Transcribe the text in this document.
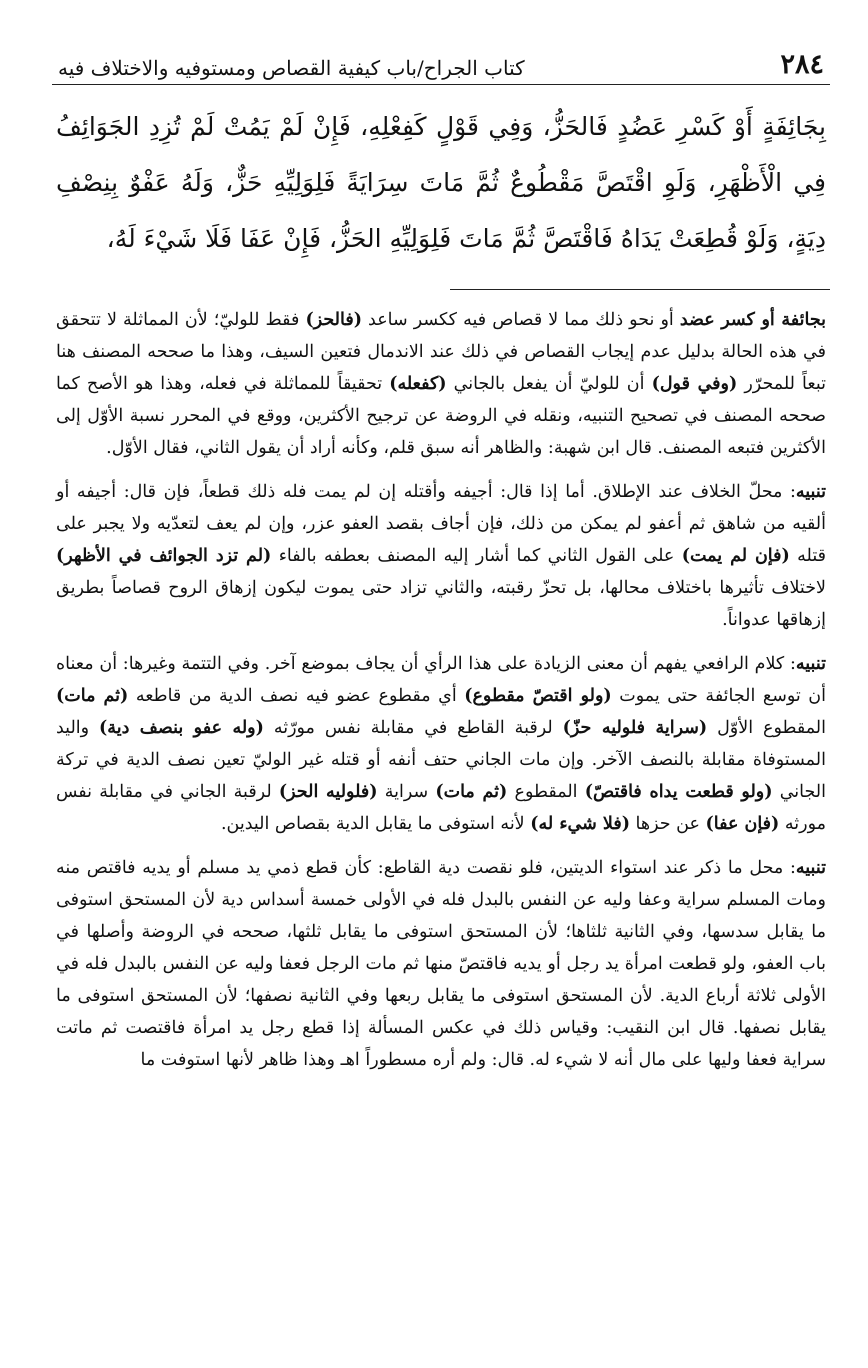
٢٨٤
كتاب الجراح/باب كيفية القصاص ومستوفيه والاختلاف فيه
بِجَائِفَةٍ أَوْ كَسْرِ عَضُدٍ فَالحَزُّ، وَفِي قَوْلٍ كَفِعْلِهِ، فَإِنْ لَمْ يَمُتْ لَمْ تُزِدِ الجَوَائِفُ فِي الْأَظْهَرِ، وَلَوِ اقْتَصَّ مَقْطُوعٌ ثُمَّ مَاتَ سِرَايَةً فَلِوَلِيِّهِ حَزٌّ، وَلَهُ عَفْوٌ بِنِصْفِ دِيَةٍ، وَلَوْ قُطِعَتْ يَدَاهُ فَاقْتَصَّ ثُمَّ مَاتَ فَلِوَلِيِّهِ الحَزُّ، فَإِنْ عَفَا فَلَا شَيْءَ لَهُ،
بجائفة أو كسر عضد أو نحو ذلك مما لا قصاص فيه ككسر ساعد (فالحز) فقط للوليّ؛ لأن المماثلة لا تتحقق في هذه الحالة بدليل عدم إيجاب القصاص في ذلك عند الاندمال فتعين السيف، وهذا ما صححه المصنف هنا تبعاً للمحرّر (وفي قول) أن للوليّ أن يفعل بالجاني (كفعله) تحقيقاً للمماثلة في فعله، وهذا هو الأصح كما صححه المصنف في تصحيح التنبيه، ونقله في الروضة عن ترجيح الأكثرين، ووقع في المحرر نسبة الأوّل إلى الأكثرين فتبعه المصنف. قال ابن شهبة: والظاهر أنه سبق قلم، وكأنه أراد أن يقول الثاني، فقال الأوّل.
تنبيه: محلّ الخلاف عند الإطلاق. أما إذا قال: أجيفه وأقتله إن لم يمت فله ذلك قطعاً، فإن قال: أجيفه أو ألقيه من شاهق ثم أعفو لم يمكن من ذلك، فإن أجاف بقصد العفو عزر، وإن لم يعف لتعدّيه ولا يجبر على قتله (فإن لم يمت) على القول الثاني كما أشار إليه المصنف بعطفه بالفاء (لم تزد الجوائف في الأظهر) لاختلاف تأثيرها باختلاف محالها، بل تحزّ رقبته، والثاني تزاد حتى يموت ليكون إزهاق الروح قصاصاً بطريق إزهاقها عدواناً.
تنبيه: كلام الرافعي يفهم أن معنى الزيادة على هذا الرأي أن يجاف بموضع آخر. وفي التتمة وغيرها: أن معناه أن توسع الجائفة حتى يموت (ولو اقتصّ مقطوع) أي مقطوع عضو فيه نصف الدية من قاطعه (ثم مات) المقطوع الأوّل (سراية فلوليه حزّ) لرقبة القاطع في مقابلة نفس مورّثه (وله عفو بنصف دية) واليد المستوفاة مقابلة بالنصف الآخر. وإن مات الجاني حتف أنفه أو قتله غير الوليّ تعين نصف الدية في تركة الجاني (ولو قطعت يداه فاقتصّ) المقطوع (ثم مات) سراية (فلوليه الحز) لرقبة الجاني في مقابلة نفس مورثه (فإن عفا) عن حزها (فلا شيء له) لأنه استوفى ما يقابل الدية بقصاص اليدين.
تنبيه: محل ما ذكر عند استواء الديتين، فلو نقصت دية القاطع: كأن قطع ذمي يد مسلم أو يديه فاقتص منه ومات المسلم سراية وعفا وليه عن النفس بالبدل فله في الأولى خمسة أسداس دية لأن المستحق استوفى ما يقابل سدسها، وفي الثانية ثلثاها؛ لأن المستحق استوفى ما يقابل ثلثها، صححه في الروضة وأصلها في باب العفو، ولو قطعت امرأة يد رجل أو يديه فاقتصّ منها ثم مات الرجل فعفا وليه عن النفس بالبدل فله في الأولى ثلاثة أرباع الدية. لأن المستحق استوفى ما يقابل ربعها وفي الثانية نصفها؛ لأن المستحق استوفى ما يقابل نصفها. قال ابن النقيب: وقياس ذلك في عكس المسألة إذا قطع رجل يد امرأة فاقتصت ثم ماتت سراية فعفا وليها على مال أنه لا شيء له. قال: ولم أره مسطوراً اهـ وهذا ظاهر لأنها استوفت ما
